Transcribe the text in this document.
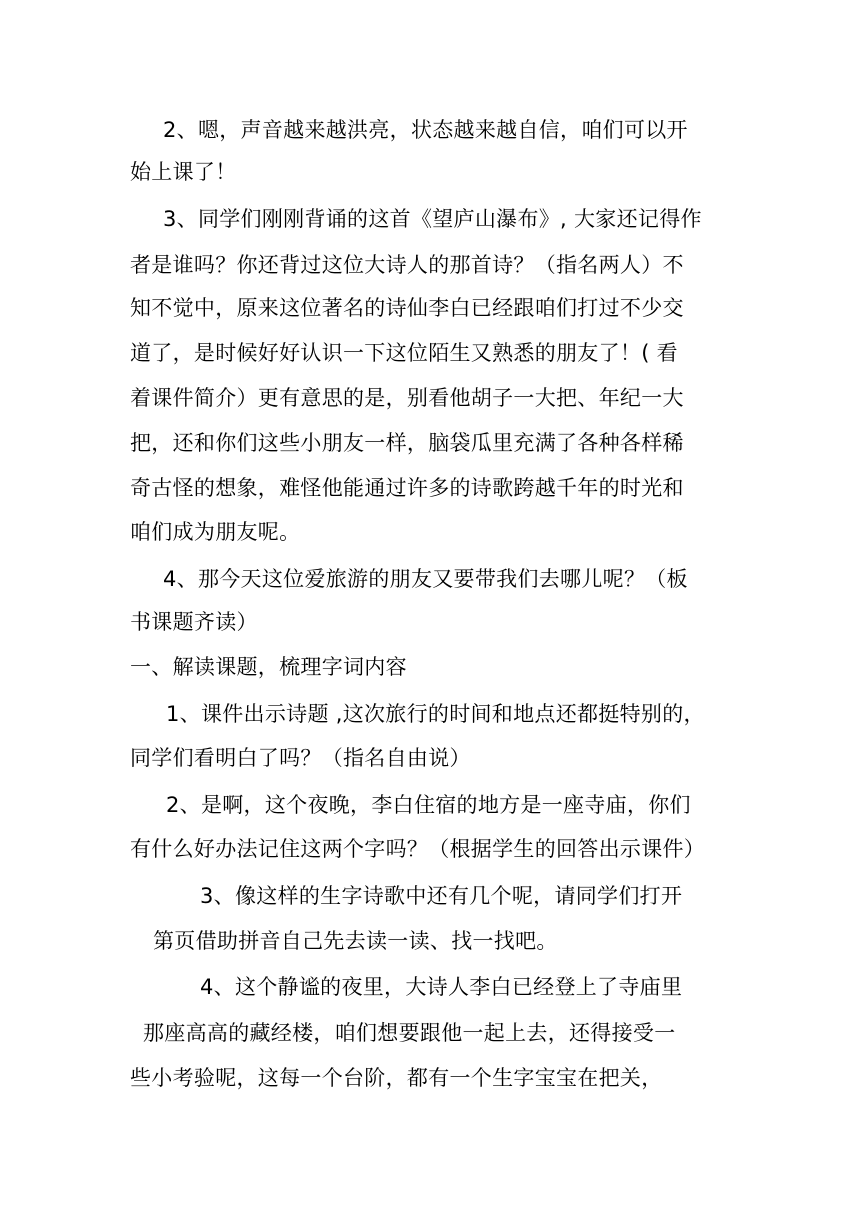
2、嗯，声音越来越洪亮，状态越来越自信，咱们可以开
始上课了！
3、同学们刚刚背诵的这首《望庐山瀑布》, 大家还记得作
者是谁吗？你还背过这位大诗人的那首诗？（指名两人）不
知不觉中，原来这位著名的诗仙李白已经跟咱们打过不少交
道了，是时候好好认识一下这位陌生又熟悉的朋友了！( 看
着课件简介）更有意思的是，别看他胡子一大把、年纪一大
把，还和你们这些小朋友一样，脑袋瓜里充满了各种各样稀
奇古怪的想象，难怪他能通过许多的诗歌跨越千年的时光和
咱们成为朋友呢。
4、那今天这位爱旅游的朋友又要带我们去哪儿呢？（板
书课题齐读）
一、解读课题，梳理字词内容
1、课件出示诗题 ,这次旅行的时间和地点还都挺特别的，
同学们看明白了吗？（指名自由说）
2、是啊，这个夜晚，李白住宿的地方是一座寺庙，你们
有什么好办法记住这两个字吗？（根据学生的回答出示课件）
3、像这样的生字诗歌中还有几个呢，请同学们打开
第页借助拼音自己先去读一读、找一找吧。
4、这个静谧的夜里，大诗人李白已经登上了寺庙里
那座高高的藏经楼，咱们想要跟他一起上去，还得接受一
些小考验呢，这每一个台阶，都有一个生字宝宝在把关，
